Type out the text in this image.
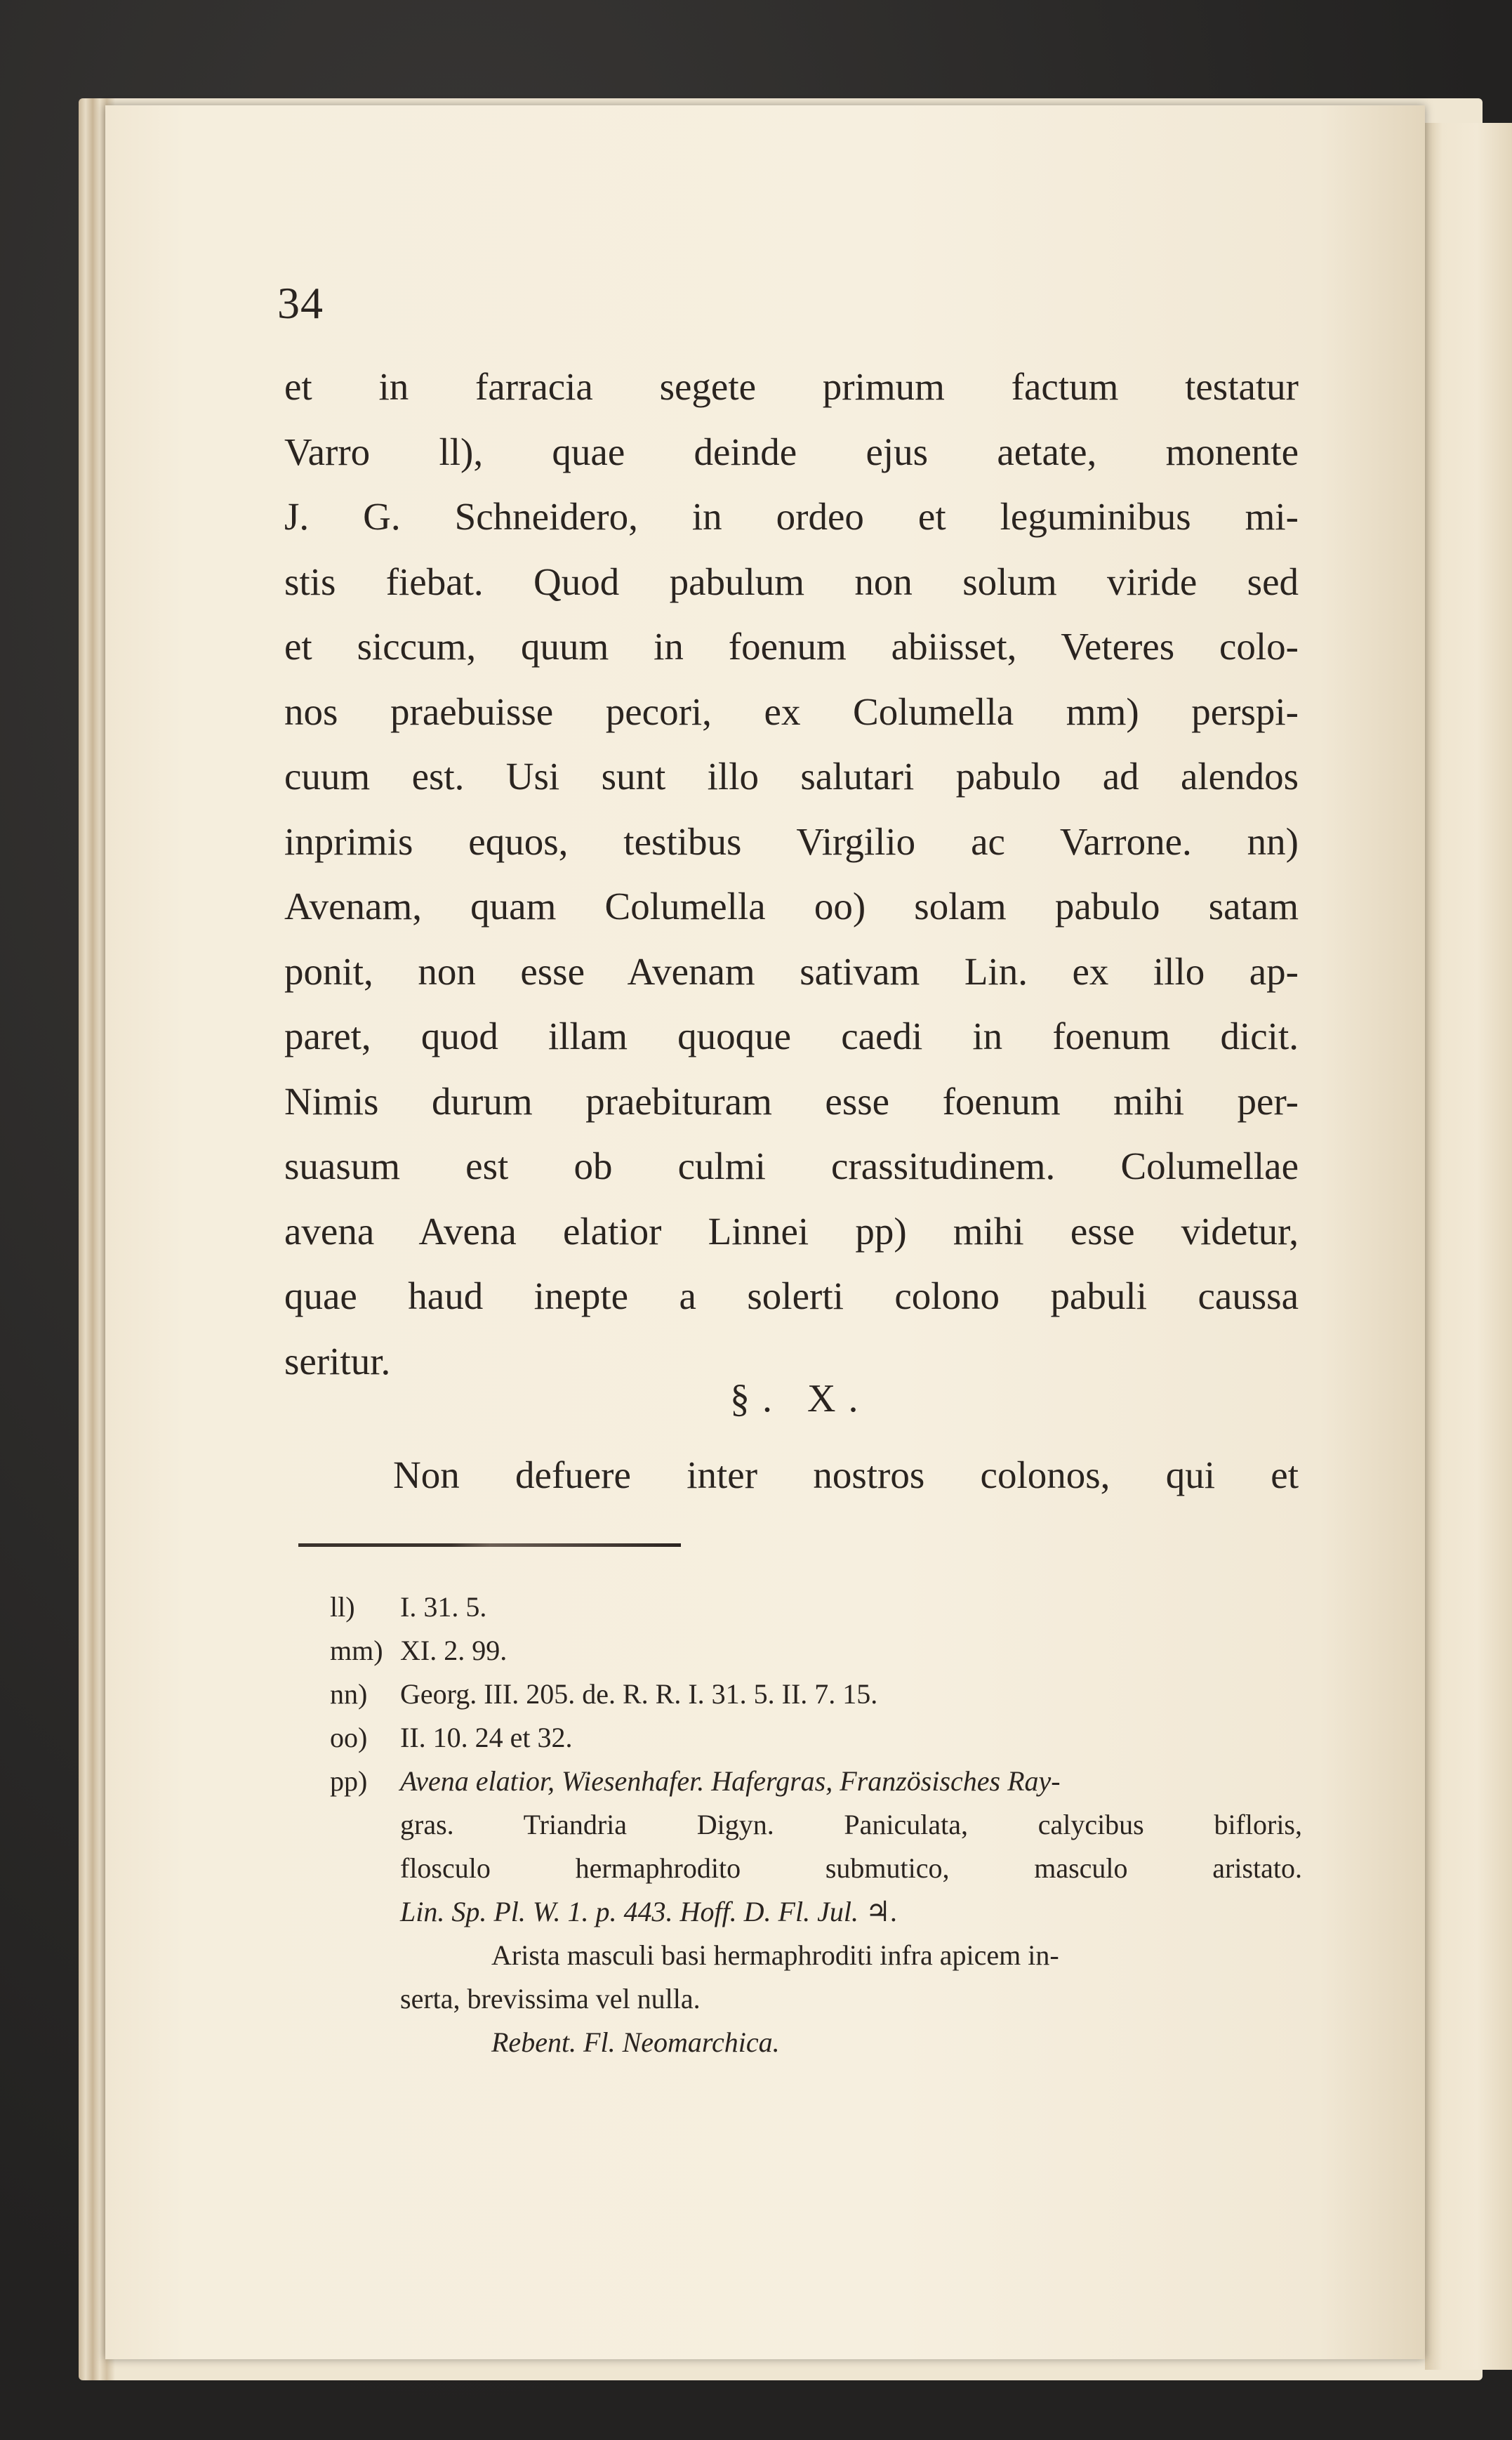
34
et in farracia segete primum factum testatur
Varro ll), quae deinde ejus aetate, monente
J. G. Schneidero, in ordeo et leguminibus mi-
stis fiebat. Quod pabulum non solum viride sed
et siccum, quum in foenum abiisset, Veteres colo-
nos praebuisse pecori, ex Columella mm) perspi-
cuum est. Usi sunt illo salutari pabulo ad alendos
inprimis equos, testibus Virgilio ac Varrone. nn)
Avenam, quam Columella oo) solam pabulo satam
ponit, non esse Avenam sativam Lin. ex illo ap-
paret, quod illam quoque caedi in foenum dicit.
Nimis durum praebituram esse foenum mihi per-
suasum est ob culmi crassitudinem. Columellae
avena Avena elatior Linnei pp) mihi esse videtur,
quae haud inepte a solerti colono pabuli caussa
seritur.
§. X.
Non defuere inter nostros colonos, qui et
ll) I. 31. 5.
mm) XI. 2. 99.
nn) Georg. III. 205. de. R. R. I. 31. 5. II. 7. 15.
oo) II. 10. 24 et 32.
pp) Avena elatior, Wiesenhafer. Hafergras, Französisches Ray-
gras. Triandria Digyn. Paniculata, calycibus bifloris,
flosculo hermaphrodito submutico, masculo aristato.
Lin. Sp. Pl. W. 1. p. 443. Hoff. D. Fl. Jul. ♃.
Arista masculi basi hermaphroditi infra apicem in-
serta, brevissima vel nulla.
Rebent. Fl. Neomarchica.
